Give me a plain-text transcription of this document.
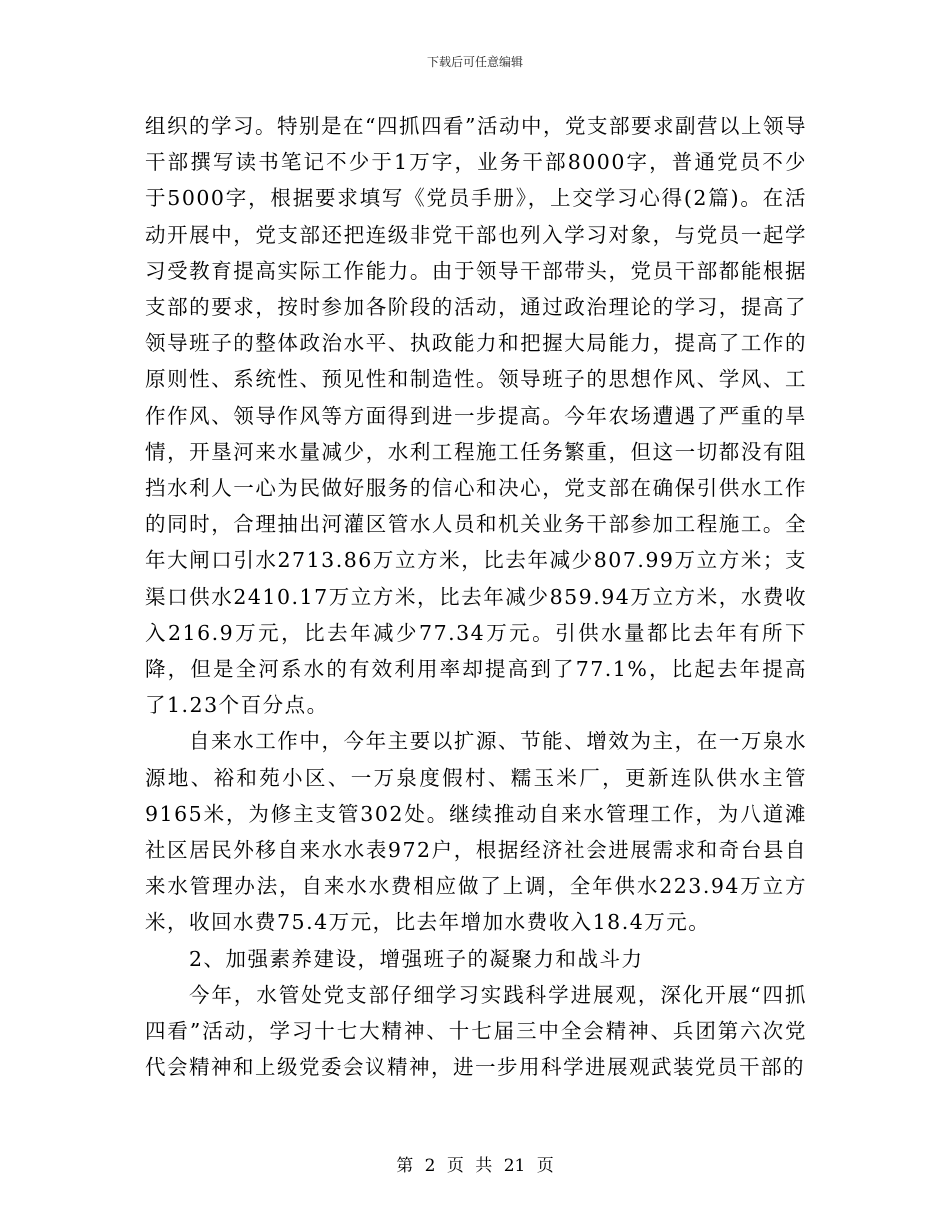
下载后可任意编辑

组织的学习。特别是在“四抓四看”活动中，党支部要求副营以上领导干部撰写读书笔记不少于1万字，业务干部8000字，普通党员不少于5000字，根据要求填写《党员手册》，上交学习心得(2篇)。在活动开展中，党支部还把连级非党干部也列入学习对象，与党员一起学习受教育提高实际工作能力。由于领导干部带头，党员干部都能根据支部的要求，按时参加各阶段的活动，通过政治理论的学习，提高了领导班子的整体政治水平、执政能力和把握大局能力，提高了工作的原则性、系统性、预见性和制造性。领导班子的思想作风、学风、工作作风、领导作风等方面得到进一步提高。今年农场遭遇了严重的旱情，开垦河来水量减少，水利工程施工任务繁重，但这一切都没有阻挡水利人一心为民做好服务的信心和决心，党支部在确保引供水工作的同时，合理抽出河灌区管水人员和机关业务干部参加工程施工。全年大闸口引水2713.86万立方米，比去年减少807.99万立方米；支渠口供水2410.17万立方米，比去年减少859.94万立方米，水费收入216.9万元，比去年减少77.34万元。引供水量都比去年有所下降，但是全河系水的有效利用率却提高到了77.1%，比起去年提高了1.23个百分点。

自来水工作中，今年主要以扩源、节能、增效为主，在一万泉水源地、裕和苑小区、一万泉度假村、糯玉米厂，更新连队供水主管9165米，为修主支管302处。继续推动自来水管理工作，为八道滩社区居民外移自来水水表972户，根据经济社会进展需求和奇台县自来水管理办法，自来水水费相应做了上调，全年供水223.94万立方米，收回水费75.4万元，比去年增加水费收入18.4万元。

2、加强素养建设，增强班子的凝聚力和战斗力

今年，水管处党支部仔细学习实践科学进展观，深化开展“四抓四看”活动，学习十七大精神、十七届三中全会精神、兵团第六次党代会精神和上级党委会议精神，进一步用科学进展观武装党员干部的

第 2 页 共 21 页
